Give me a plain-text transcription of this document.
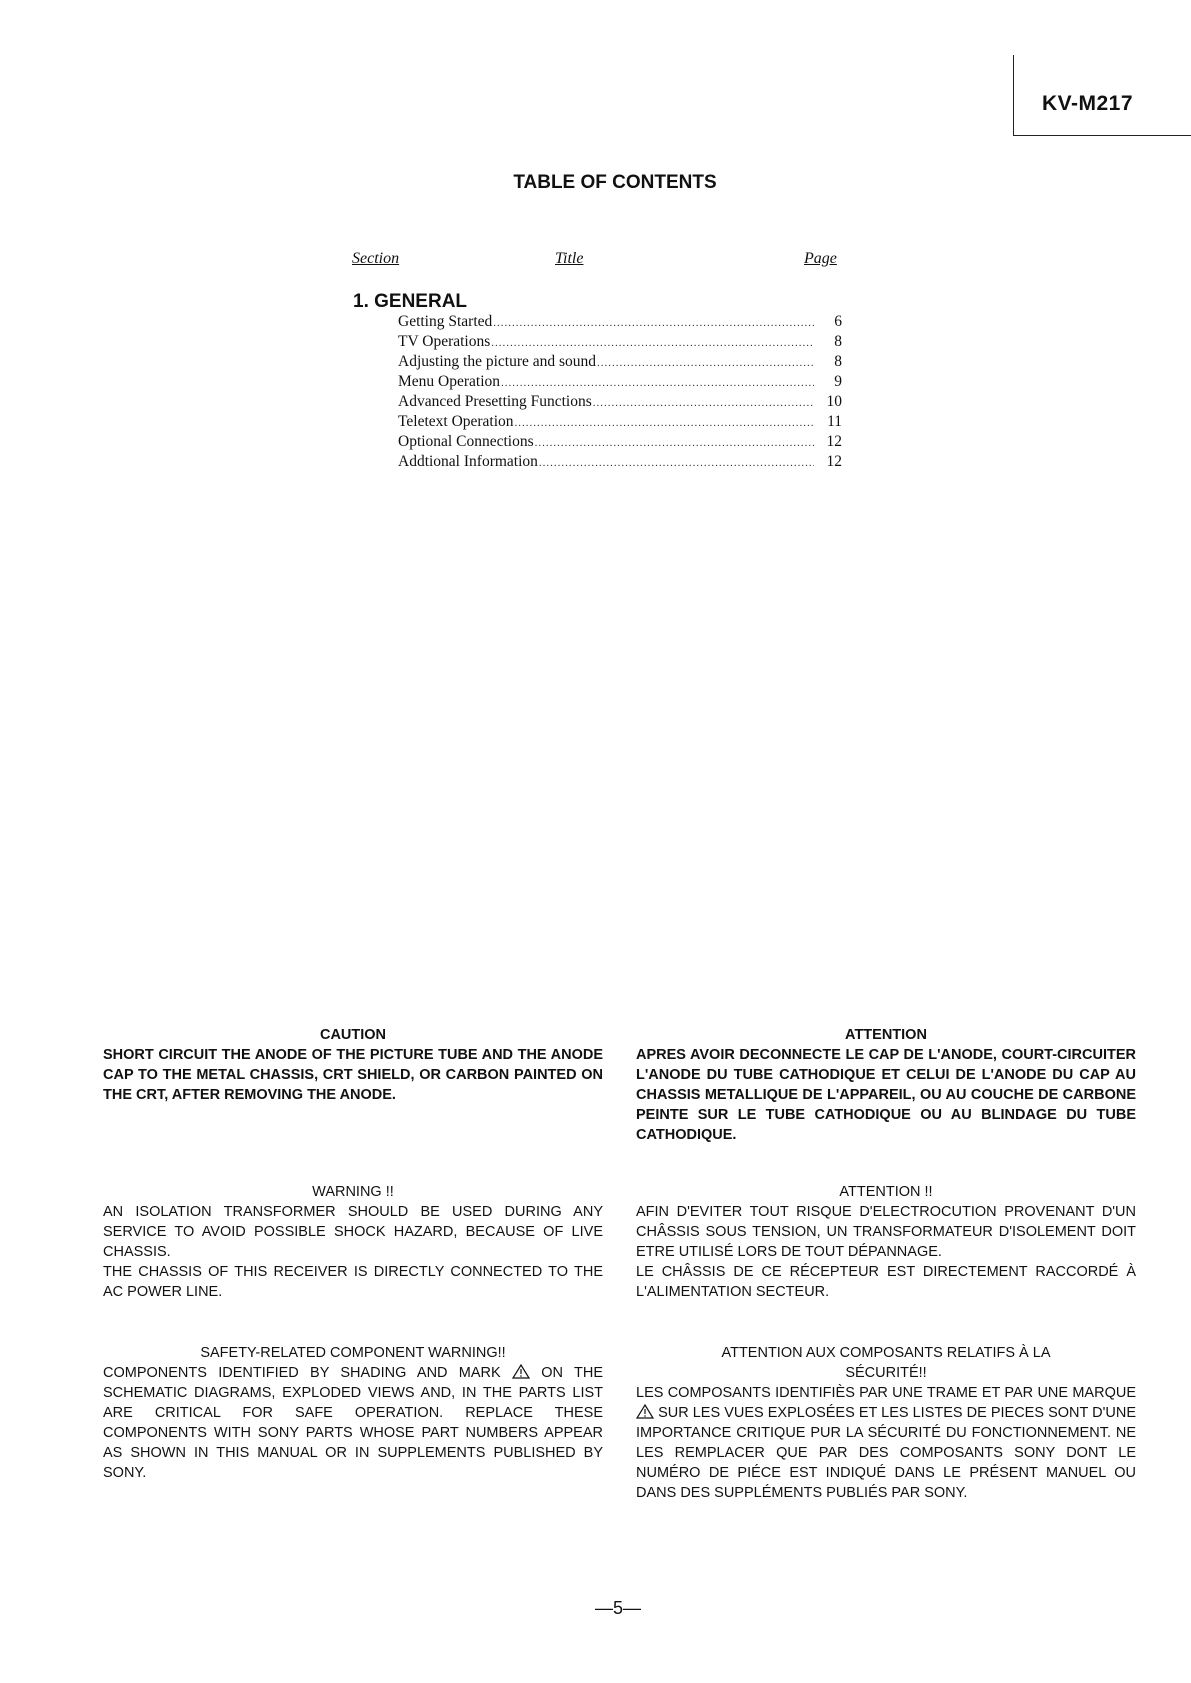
KV-M217
TABLE OF CONTENTS
Section	Title	Page
1. GENERAL
Getting Started .....	6
TV Operations .....	8
Adjusting the picture and sound .....	8
Menu Operation .....	9
Advanced Presetting Functions .....	10
Teletext Operation .....	11
Optional Connections .....	12
Addtional Information .....	12
CAUTION

SHORT CIRCUIT THE ANODE OF THE PICTURE TUBE AND THE ANODE CAP TO THE METAL CHASSIS, CRT SHIELD, OR CARBON PAINTED ON THE CRT, AFTER REMOVING THE ANODE.

ATTENTION

APRES AVOIR DECONNECTE LE CAP DE L'ANODE, COURT-CIRCUITER L'ANODE DU TUBE CATHODIQUE ET CELUI DE L'ANODE DU CAP AU CHASSIS METALLIQUE DE L'APPAREIL, OU AU COUCHE DE CARBONE PEINTE SUR LE TUBE CATHODIQUE OU AU BLINDAGE DU TUBE CATHODIQUE.

WARNING !!

AN ISOLATION TRANSFORMER SHOULD BE USED DURING ANY SERVICE TO AVOID POSSIBLE SHOCK HAZARD, BECAUSE OF LIVE CHASSIS.

THE CHASSIS OF THIS RECEIVER IS DIRECTLY CONNECTED TO THE AC POWER LINE.

ATTENTION !!

AFIN D'EVITER TOUT RISQUE D'ELECTROCUTION PROVENANT D'UN CHÂSSIS SOUS TENSION, UN TRANSFORMATEUR D'ISOLEMENT DOIT ETRE UTILISÉ LORS DE TOUT DÉPANNAGE.

LE CHÂSSIS DE CE RÉCEPTEUR EST DIRECTEMENT RACCORDÉ À L'ALIMENTATION SECTEUR.

SAFETY-RELATED COMPONENT WARNING!!

COMPONENTS IDENTIFIED BY SHADING AND MARK	ON THE SCHEMATIC DIAGRAMS, EXPLODED VIEWS AND, IN THE PARTS LIST ARE CRITICAL FOR SAFE OPERATION. REPLACE THESE COMPONENTS WITH SONY PARTS WHOSE PART NUMBERS APPEAR AS SHOWN IN THIS MANUAL OR IN SUPPLEMENTS PUBLISHED BY SONY.

ATTENTION AUX COMPOSANTS RELATIFS À LA SÉCURITÉ!!

LES COMPOSANTS IDENTIFIÈS PAR UNE TRAME ET PAR UNE MARQUE  SUR LES VUES EXPLOSÉES ET LES LISTES DE PIECES SONT D'UNE IMPORTANCE CRITIQUE PUR LA SÉCURITÉ DU FONCTIONNEMENT. NE LES REMPLACER QUE PAR DES COMPOSANTS SONY DONT LE NUMÉRO DE PIÉCE EST INDIQUÉ DANS LE PRÉSENT MANUEL OU DANS DES SUPPLÉMENTS PUBLIÉS PAR SONY.

—5—
